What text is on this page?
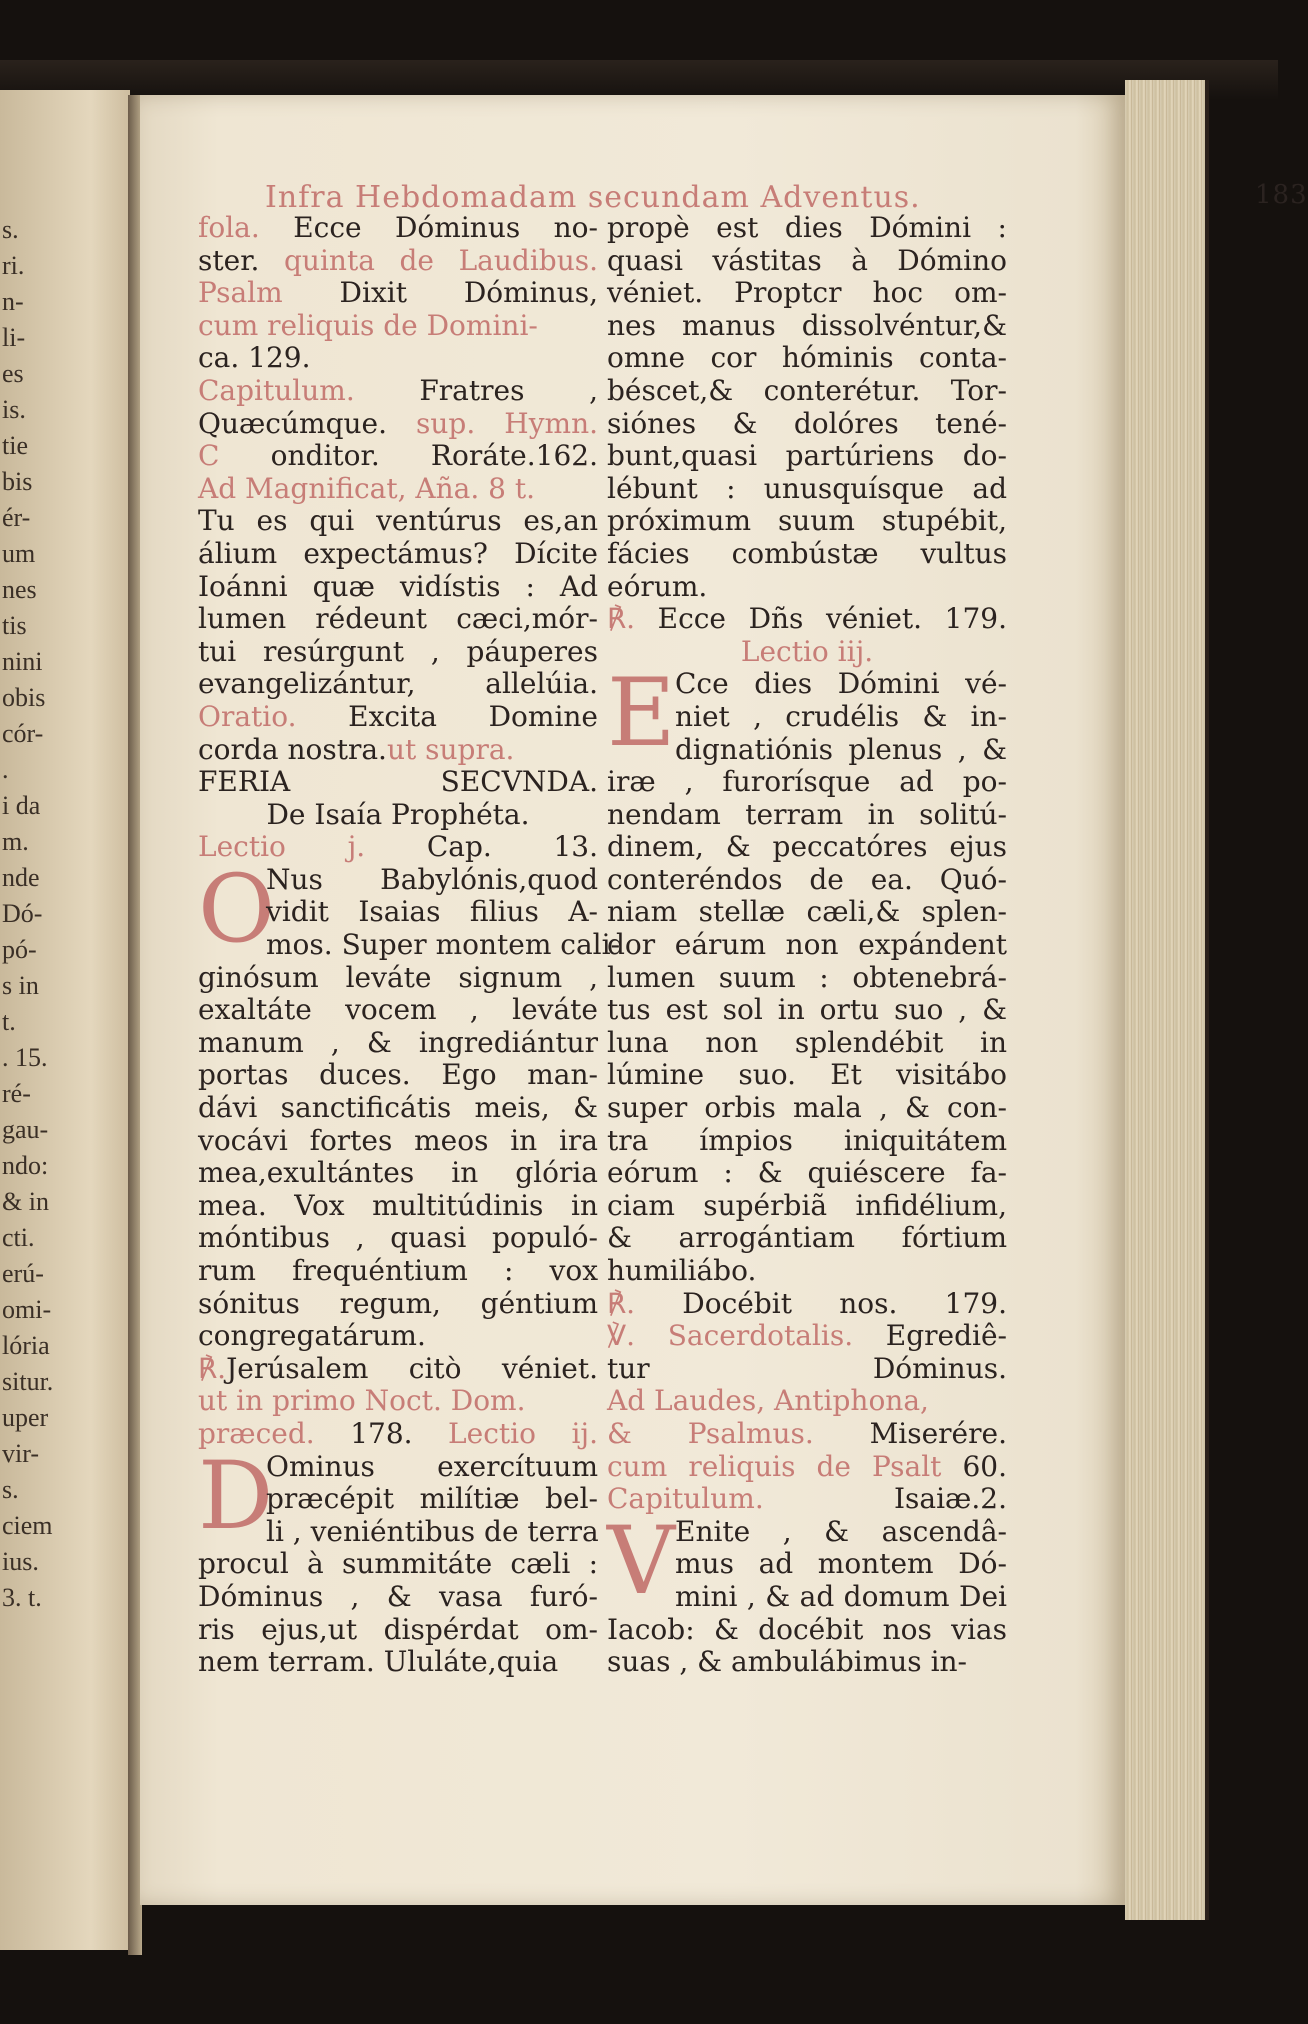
s.
ri.
n-
li-
es
is.
tie
bis
ér-
um
nes
tis
nini
obis
cór-
.
i da
m.
nde
Dó-
pó-
s in
t.
. 15.
ré-
gau-
ndo:
& in
cti.
erú-
omi-
lória
situr.
uper
vir-
s.
ciem
ius.
3. t.
Infra Hebdomadam secundam Adventus.	183
fola. Ecce Dóminus no-
ster. quinta de Laudibus.
Psalm Dixit Dóminus,
cum reliquis de Domini-
ca. 129.
Capitulum. Fratres ,
Quæcúmque. sup. Hymn.
C onditor. Roráte.162.
Ad Magnificat, Aña. 8 t.
Tu es qui ventúrus es,an
álium expectámus? Dícite
Ioánni quæ vidístis : Ad
lumen rédeunt cæci,mór-
tui resúrgunt , páuperes
evangelizántur, allelúia.
Oratio. Excita Domine
corda nostra.ut supra.
FERIA SECVNDA.
De Isaía Prophéta.
Lectio j. Cap. 13.
O
Nus Babylónis,quod
vidit Isaias filius A-
mos. Super montem cali-
ginósum leváte signum ,
exaltáte vocem , leváte
manum , & ingrediántur
portas duces. Ego man-
dávi sanctificátis meis, &
vocávi fortes meos in ira
mea,exultántes in glória
mea. Vox multitúdinis in
móntibus , quasi populó-
rum frequéntium : vox
sónitus regum, géntium
congregatárum.
℟.Jerúsalem citò véniet.
ut in primo Noct. Dom.
præced. 178. Lectio ij.
D
Ominus exercítuum
præcépit milítiæ bel-
li , veniéntibus de terra
procul à summitáte cæli :
Dóminus , & vasa furó-
ris ejus,ut dispérdat om-
nem terram. Ululáte,quia
propè est dies Dómini :
quasi vástitas à Dómino
véniet. Proptcr hoc om-
nes manus dissolvéntur,&
omne cor hóminis conta-
béscet,& conterétur. Tor-
siónes & dolóres tené-
bunt,quasi partúriens do-
lébunt : unusquísque ad
próximum suum stupébit,
fácies combústæ vultus
eórum.
℟. Ecce Dñs véniet. 179.
Lectio iij.
E Cce dies Dómini vé-
niet , crudélis & in-
dignatiónis plenus , &
iræ , furorísque ad po-
nendam terram in solitú-
dinem, & peccatóres ejus
conteréndos de ea. Quó-
niam stellæ cæli,& splen-
dor eárum non expándent
lumen suum : obtenebrá-
tus est sol in ortu suo , &
luna non splendébit in
lúmine suo. Et visitábo
super orbis mala , & con-
tra ímpios iniquitátem
eórum : & quiéscere fa-
ciam supérbiã infidélium,
& arrogántiam fórtium
humiliábo.
℟. Docébit nos. 179.
℣. Sacerdotalis. Egrediê-
tur Dóminus.
Ad Laudes, Antiphona,
& Psalmus. Miserére.
cum reliquis de Psalt 60.
Capitulum. Isaiæ.2.
V Enite , & ascendâ-
mus ad montem Dó-
mini , & ad domum Dei
Iacob: & docébit nos vias
suas , & ambulábimus in-
